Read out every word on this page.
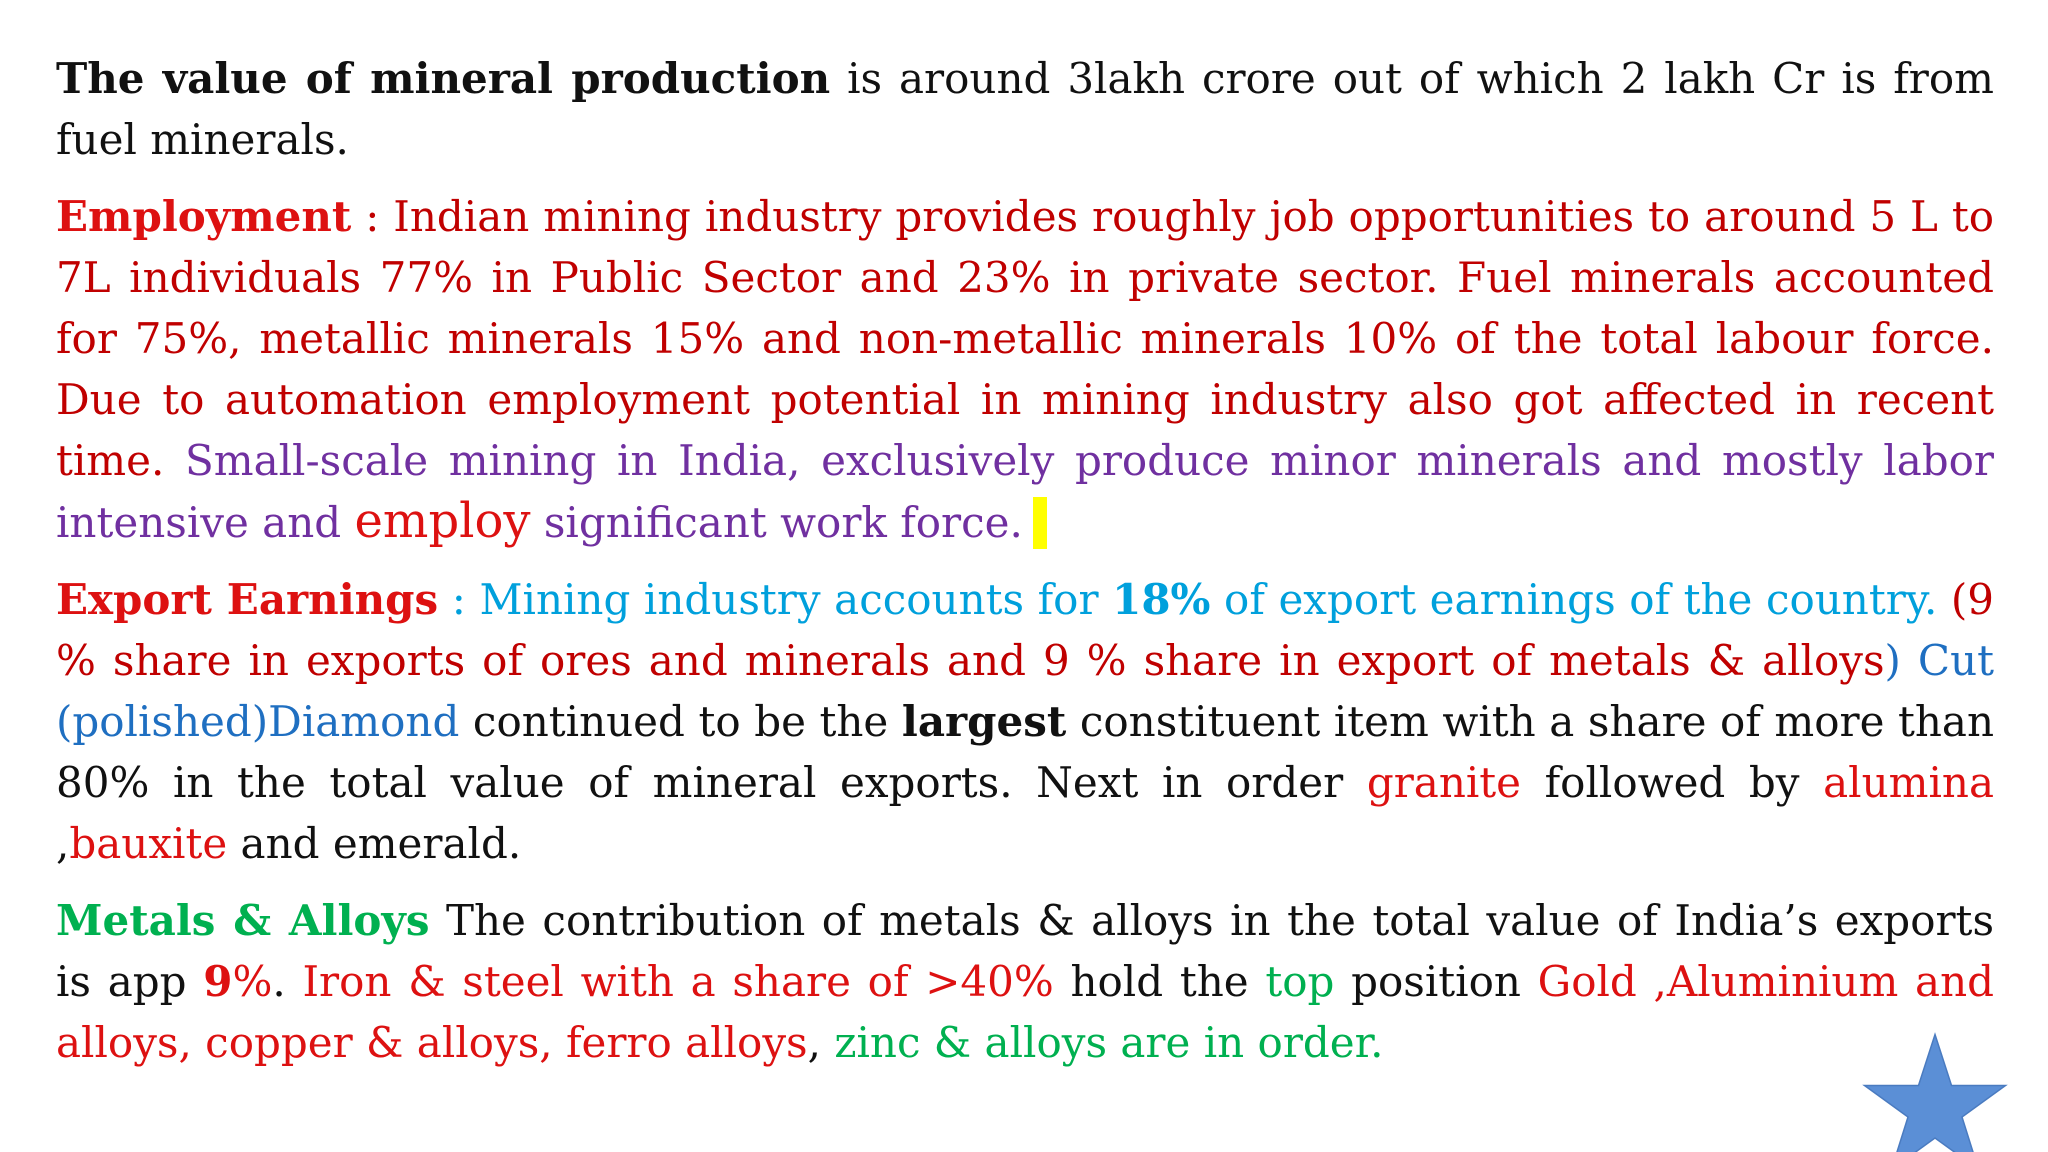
The value of mineral production is around 3lakh crore out of which 2 lakh Cr is from fuel minerals.

Employment : Indian mining industry provides roughly job opportunities to around 5 L to 7L individuals 77% in Public Sector and 23% in private sector. Fuel minerals accounted for 75%, metallic minerals 15% and non-metallic minerals 10% of the total labour force. Due to automation employment potential in mining industry also got affected in recent time. Small-scale mining in India, exclusively produce minor minerals and mostly labor intensive and employ significant work force.

Export Earnings : Mining industry accounts for 18% of export earnings of the country. (9 % share in exports of ores and minerals and 9 % share in export of metals & alloys) Cut (polished)Diamond continued to be the largest constituent item with a share of more than 80% in the total value of mineral exports. Next in order granite followed by alumina ,bauxite and emerald.

Metals & Alloys The contribution of metals & alloys in the total value of India’s exports is app 9%. Iron & steel with a share of >40% hold the top position Gold ,Aluminium and alloys, copper & alloys, ferro alloys, zinc & alloys are in order.
